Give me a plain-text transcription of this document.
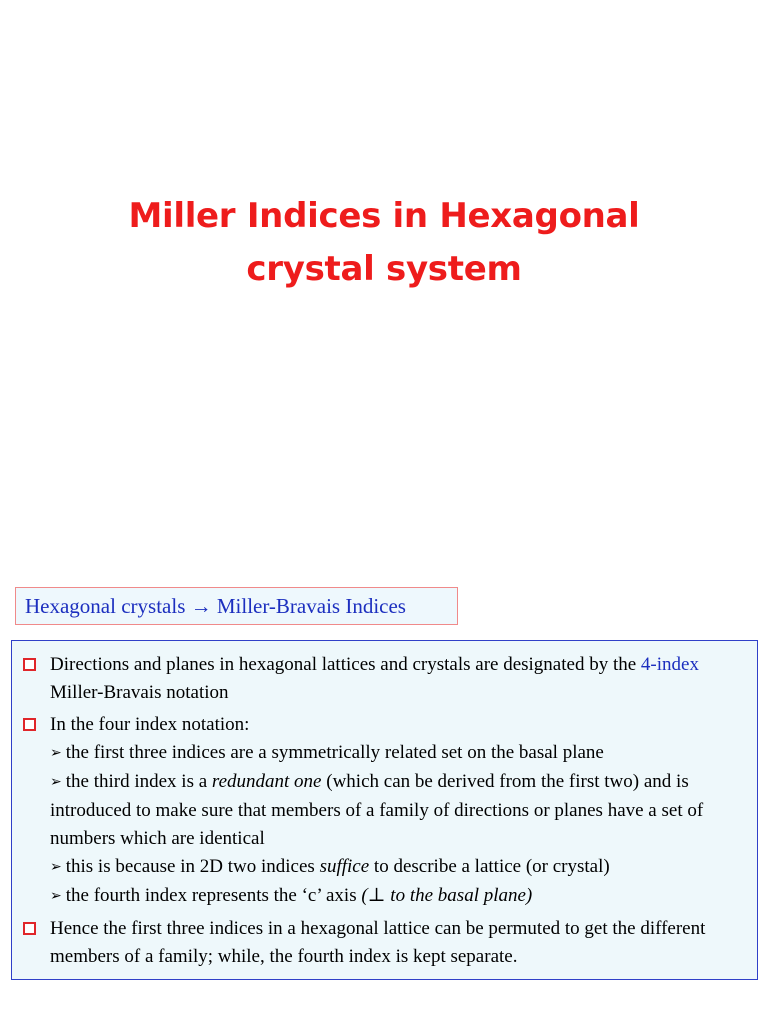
Miller Indices in Hexagonal
crystal system
Hexagonal crystals → Miller-Bravais Indices
Directions and planes in hexagonal lattices and crystals are designated by the 4-index Miller-Bravais notation
In the four index notation:
➢ the first three indices are a symmetrically related set on the basal plane
➢ the third index is a redundant one (which can be derived from the first two) and is introduced to make sure that members of a family of directions or planes have a set of numbers which are identical
➢ this is because in 2D two indices suffice to describe a lattice (or crystal)
➢ the fourth index represents the ‘c’ axis (⊥ to the basal plane)
Hence the first three indices in a hexagonal lattice can be permuted to get the different members of a family; while, the fourth index is kept separate.
